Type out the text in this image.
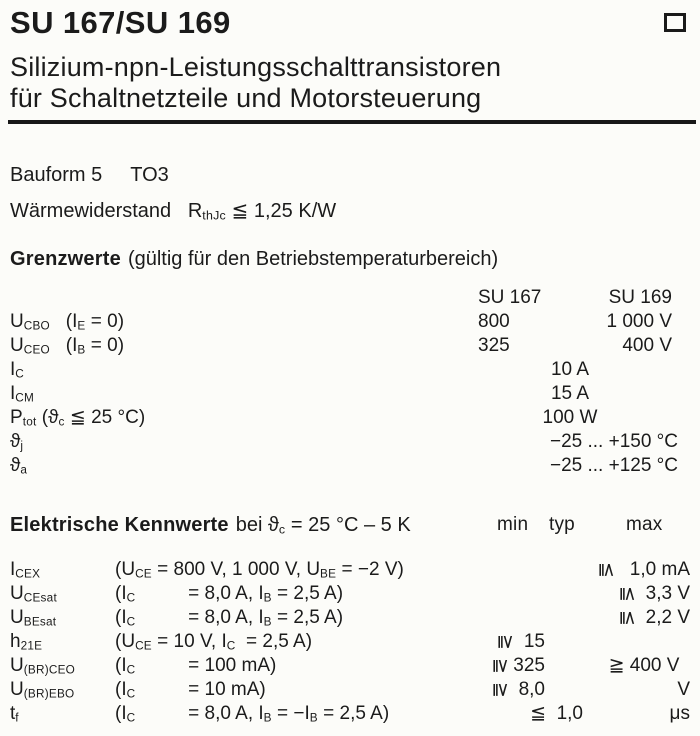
SU 167/SU 169
Silizium-npn-Leistungsschalttransistoren
für Schaltnetzteile und Motorsteuerung
Bauform 5 TO3
Wärmewiderstand   $R_{thJc}$ ≦ 1,25 K/W
Grenzwerte (gültig für den Betriebstemperaturbereich)
SU 167	SU 169
$U_{CBO}$   $(I_E = 0)$	800	1 000 V
$U_{CEO}$   $(I_B = 0)$	325	400 V
$I_C$	10 A
$I_{CM}$	15 A
$P_{tot}$ ($ϑ_c$ ≦ 25 °C)	100 W
$ϑ_j$	−25 ... +150 °C
$ϑ_a$	−25 ... +125 °C
Elektrische Kennwerte bei $ϑ_c = 25$ °C – 5 K	min typ	max
$I_{CEX}$	($U_{CE} = 800$ V, 1 000 V, $U_{BE} = -2$ V)	≦   1,0 mA
$U_{CEsat}$	($I_C$          = 8,0 A, $I_B = 2,5$ A)	≦  3,3 V
$U_{BEsat}$	($I_C$          = 8,0 A, $I_B = 2,5$ A)	≦  2,2 V
$h_{21E}$	($U_{CE} = 10$ V, $I_C = 2,5$ A)	≧  15
$U_{(BR)CEO}$	($I_C$          = 100 mA)	≧ 325	≧ 400 V
$U_{(BR)EBO}$	($I_C$          = 10 mA)	≧  8,0	V
$t_f$	($I_C$          = 8,0 A, $I_B = -I_B = 2,5$ A)	≦  1,0	μs
